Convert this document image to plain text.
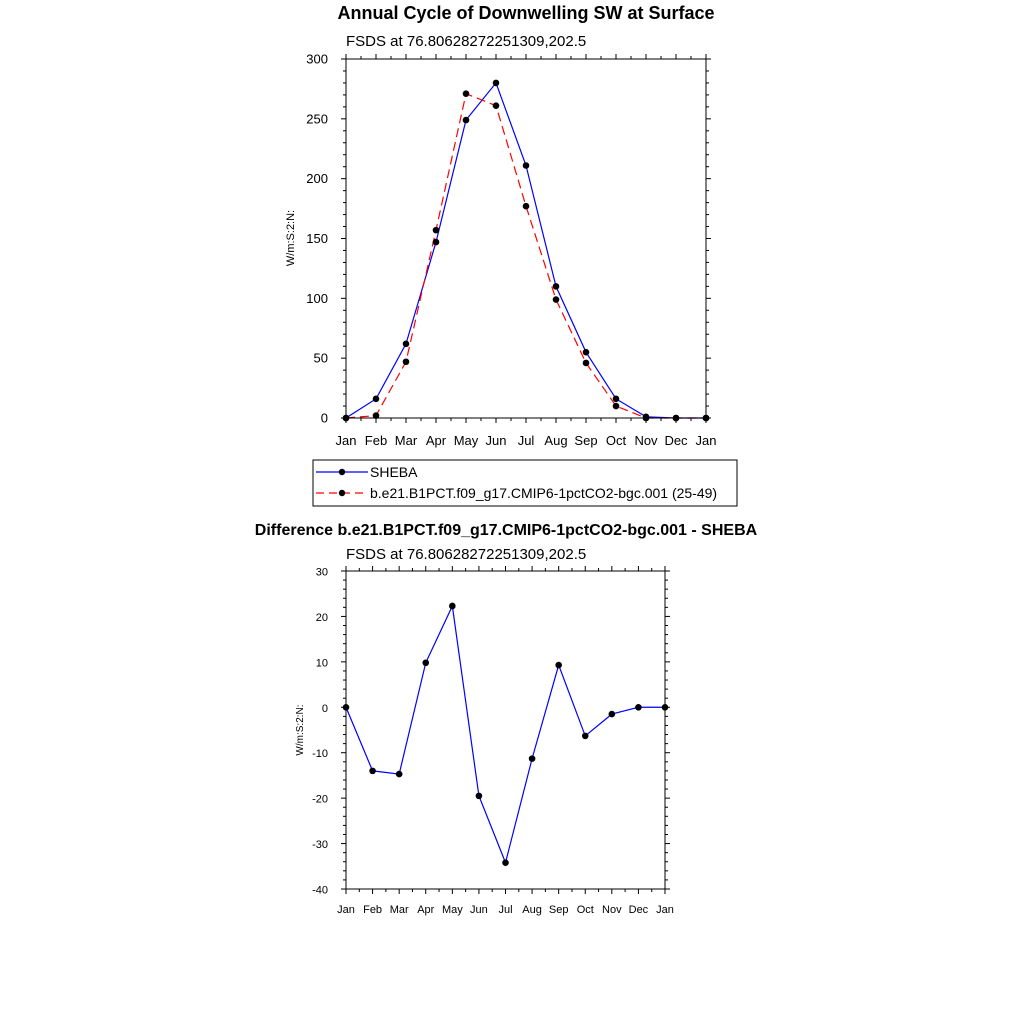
Annual Cycle of Downwelling SW at Surface
FSDS at 76.80628272251309,202.5
W/m:S:2:N:
Jan Feb Mar Apr May Jun Jul Aug Sep Oct Nov Dec Jan
0
50
100
150
200
250
300
SHEBA
b.e21.B1PCT.f09_g17.CMIP6-1pctCO2-bgc.001 (25-49)
Difference b.e21.B1PCT.f09_g17.CMIP6-1pctCO2-bgc.001 - SHEBA
FSDS at 76.80628272251309,202.5
W/m:S:2:N:
Jan Feb Mar Apr May Jun Jul Aug Sep Oct Nov Dec Jan
-40
-30
-20
-10
0
10
20
30
